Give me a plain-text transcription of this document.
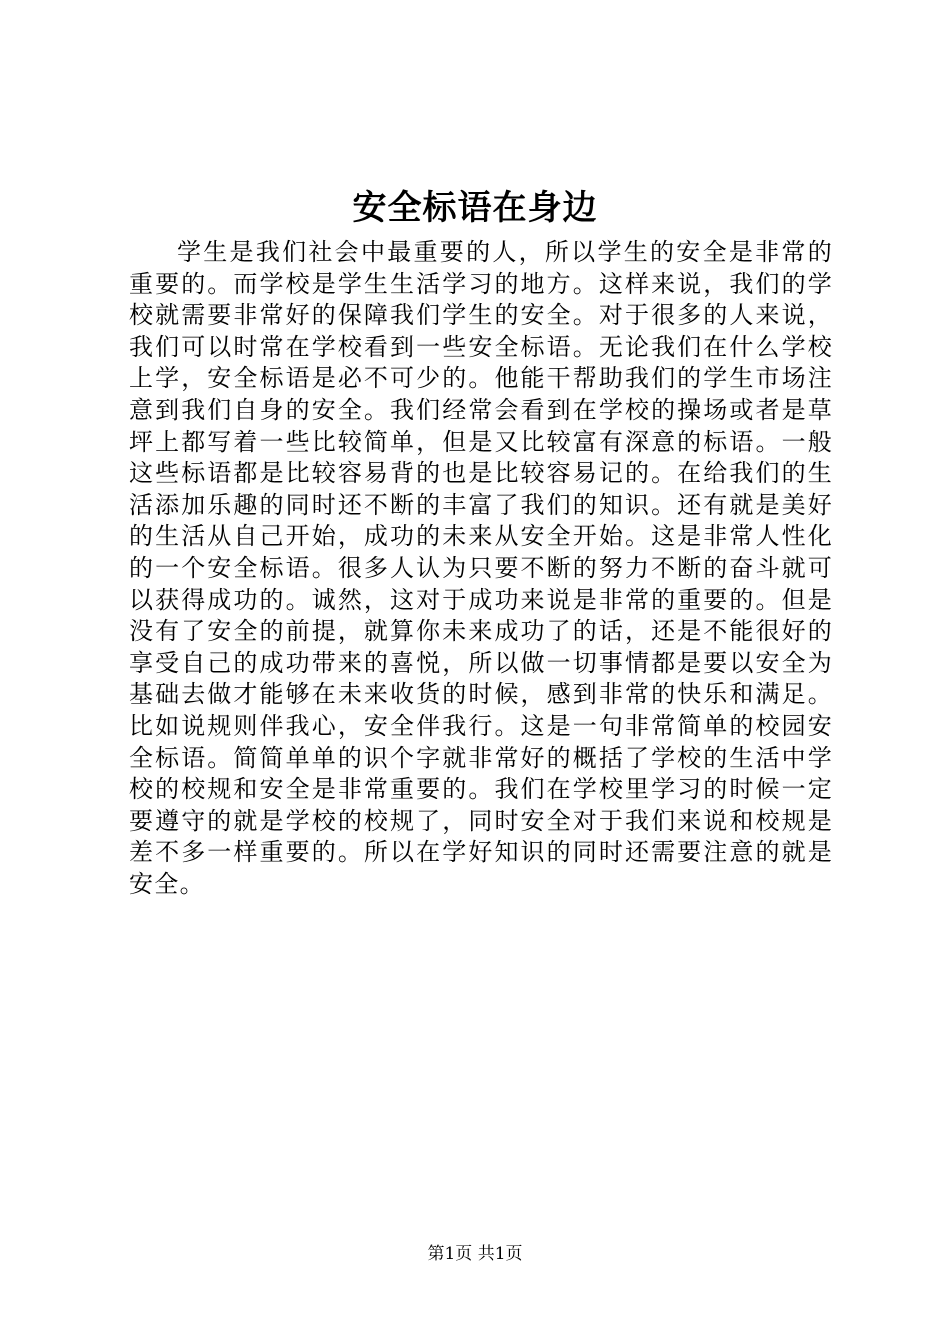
安全标语在身边

学生是我们社会中最重要的人，所以学生的安全是非常的重要的。而学校是学生生活学习的地方。这样来说，我们的学校就需要非常好的保障我们学生的安全。对于很多的人来说，我们可以时常在学校看到一些安全标语。无论我们在什么学校上学，安全标语是必不可少的。他能干帮助我们的学生市场注意到我们自身的安全。我们经常会看到在学校的操场或者是草坪上都写着一些比较简单，但是又比较富有深意的标语。一般这些标语都是比较容易背的也是比较容易记的。在给我们的生活添加乐趣的同时还不断的丰富了我们的知识。还有就是美好的生活从自己开始，成功的未来从安全开始。这是非常人性化的一个安全标语。很多人认为只要不断的努力不断的奋斗就可以获得成功的。诚然，这对于成功来说是非常的重要的。但是没有了安全的前提，就算你未来成功了的话，还是不能很好的享受自己的成功带来的喜悦，所以做一切事情都是要以安全为基础去做才能够在未来收货的时候，感到非常的快乐和满足。比如说规则伴我心，安全伴我行。这是一句非常简单的校园安全标语。简简单单的识个字就非常好的概括了学校的生活中学校的校规和安全是非常重要的。我们在学校里学习的时候一定要遵守的就是学校的校规了，同时安全对于我们来说和校规是差不多一样重要的。所以在学好知识的同时还需要注意的就是安全。

第1页 共1页
